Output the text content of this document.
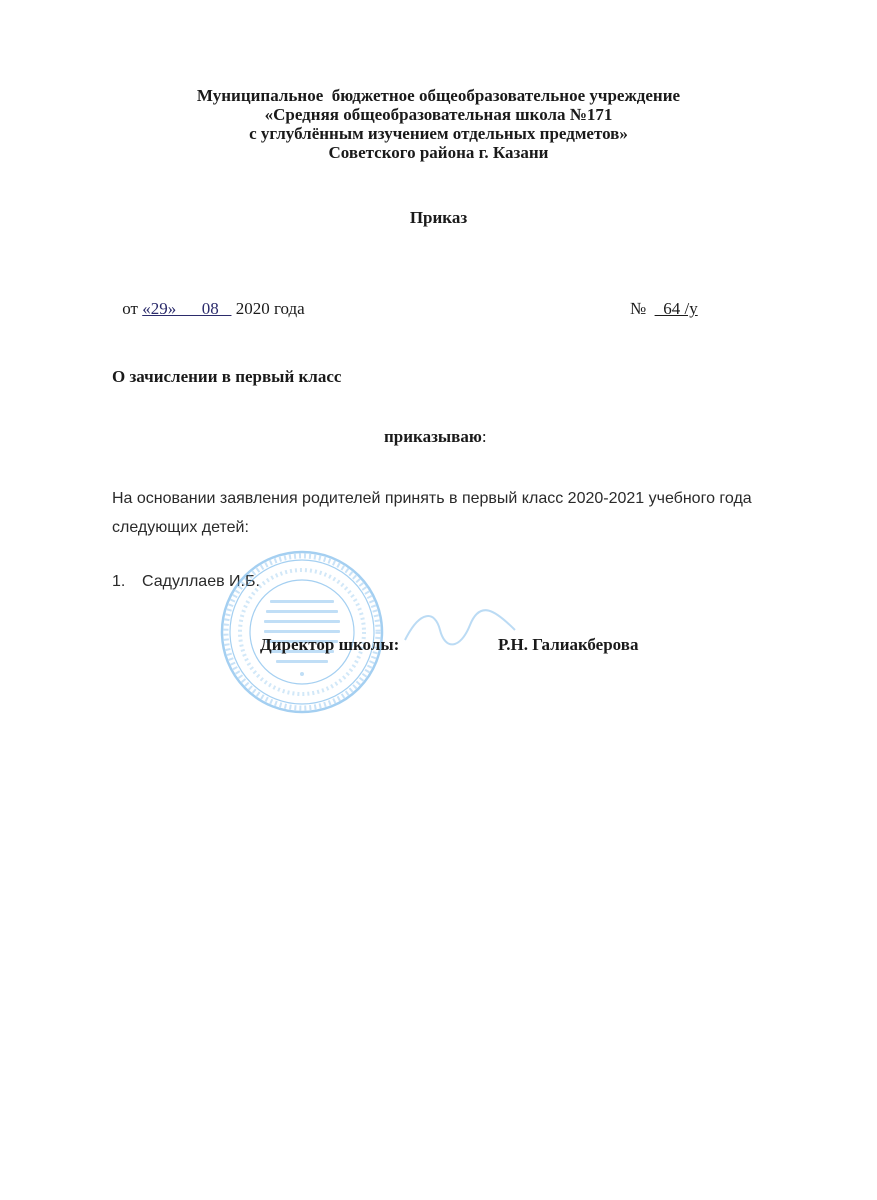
Муниципальное  бюджетное общеобразовательное учреждение
«Средняя общеобразовательная школа №171
с углублённым изучением отдельных предметов»
Советского района г. Казани
Приказ
от «29»      08    2020 года	№  _64 /у
О зачислении в первый класс
приказываю:
На основании заявления родителей принять в первый класс 2020-2021 учебного года следующих детей:
1. Садуллаев И.Б.
Директор школы:	Р.Н. Галиакберова
